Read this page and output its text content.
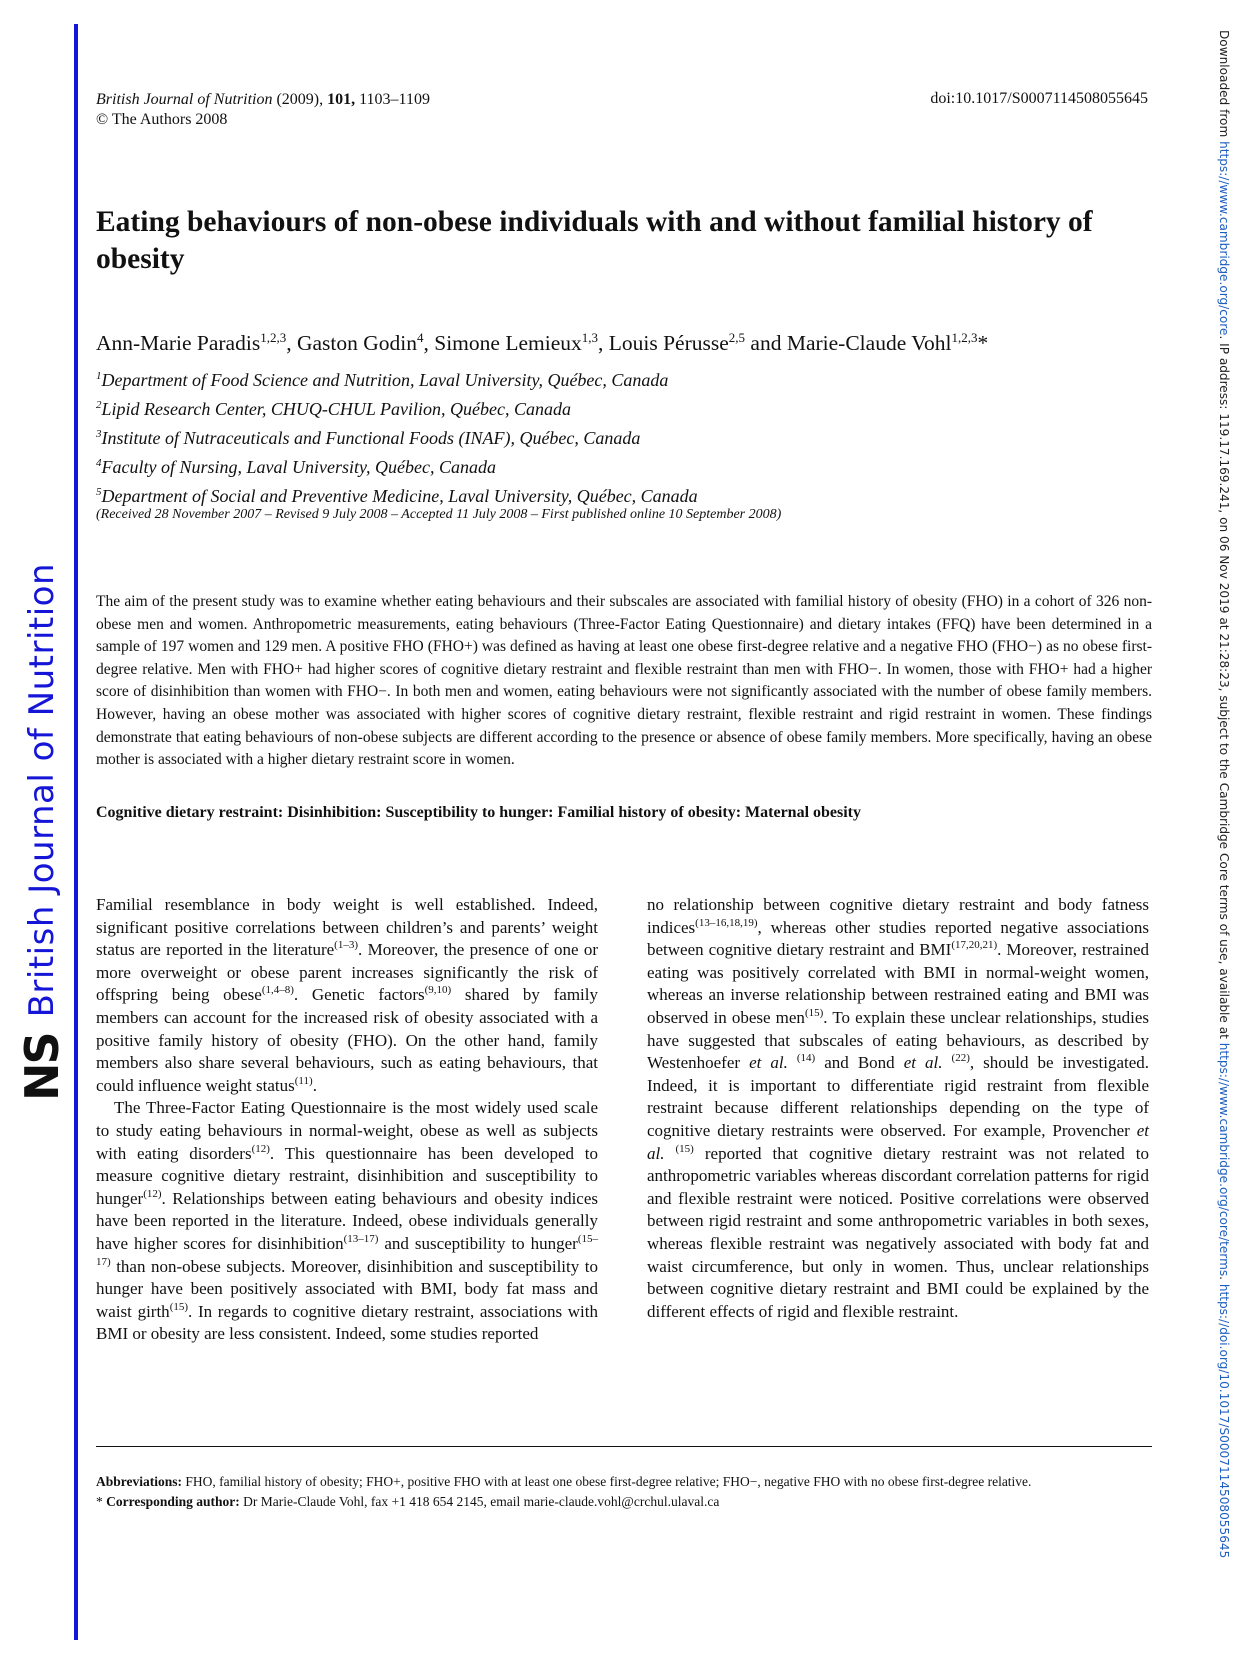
NS
British Journal of Nutrition
Downloaded from https://www.cambridge.org/core. IP address: 119.17.169.241, on 06 Nov 2019 at 21:28:23, subject to the Cambridge Core terms of use, available at https://www.cambridge.org/core/terms. https://doi.org/10.1017/S0007114508055645
British Journal of Nutrition (2009), 101, 1103–1109
© The Authors 2008
doi:10.1017/S0007114508055645
Eating behaviours of non-obese individuals with and without familial history of obesity
Ann-Marie Paradis$^{1,2,3}$, Gaston Godin$^4$, Simone Lemieux$^{1,3}$, Louis Pérusse$^{2,5}$ and Marie-Claude Vohl$^{1,2,3}$*
$^1$Department of Food Science and Nutrition, Laval University, Québec, Canada
$^2$Lipid Research Center, CHUQ-CHUL Pavilion, Québec, Canada
$^3$Institute of Nutraceuticals and Functional Foods (INAF), Québec, Canada
$^4$Faculty of Nursing, Laval University, Québec, Canada
$^5$Department of Social and Preventive Medicine, Laval University, Québec, Canada
(Received 28 November 2007 – Revised 9 July 2008 – Accepted 11 July 2008 – First published online 10 September 2008)

The aim of the present study was to examine whether eating behaviours and their subscales are associated with familial history of obesity (FHO) in a cohort of 326 non-obese men and women. Anthropometric measurements, eating behaviours (Three-Factor Eating Questionnaire) and dietary intakes (FFQ) have been determined in a sample of 197 women and 129 men. A positive FHO (FHO+) was defined as having at least one obese first-degree relative and a negative FHO (FHO−) as no obese first-degree relative. Men with FHO+ had higher scores of cognitive dietary restraint and flexible restraint than men with FHO−. In women, those with FHO+ had a higher score of disinhibition than women with FHO−. In both men and women, eating behaviours were not significantly associated with the number of obese family members. However, having an obese mother was associated with higher scores of cognitive dietary restraint, flexible restraint and rigid restraint in women. These findings demonstrate that eating behaviours of non-obese subjects are different according to the presence or absence of obese family members. More specifically, having an obese mother is associated with a higher dietary restraint score in women.

Cognitive dietary restraint: Disinhibition: Susceptibility to hunger: Familial history of obesity: Maternal obesity

Familial resemblance in body weight is well established. Indeed, significant positive correlations between children’s and parents’ weight status are reported in the literature$^{(1-3)}$. Moreover, the presence of one or more overweight or obese parent increases significantly the risk of offspring being obese$^{(1,4-8)}$. Genetic factors$^{(9,10)}$ shared by family members can account for the increased risk of obesity associated with a positive family history of obesity (FHO). On the other hand, family members also share several behaviours, such as eating behaviours, that could influence weight status$^{(11)}$.

The Three-Factor Eating Questionnaire is the most widely used scale to study eating behaviours in normal-weight, obese as well as subjects with eating disorders$^{(12)}$. This questionnaire has been developed to measure cognitive dietary restraint, disinhibition and susceptibility to hunger$^{(12)}$. Relationships between eating behaviours and obesity indices have been reported in the literature. Indeed, obese individuals generally have higher scores for disinhibition$^{(13-17)}$ and susceptibility to hunger$^{(15-17)}$ than non-obese subjects. Moreover, disinhibition and susceptibility to hunger have been positively associated with BMI, body fat mass and waist girth$^{(15)}$. In regards to cognitive dietary restraint, associations with BMI or obesity are less consistent. Indeed, some studies reported

no relationship between cognitive dietary restraint and body fatness indices$^{(13-16,18,19)}$, whereas other studies reported negative associations between cognitive dietary restraint and BMI$^{(17,20,21)}$. Moreover, restrained eating was positively correlated with BMI in normal-weight women, whereas an inverse relationship between restrained eating and BMI was observed in obese men$^{(15)}$. To explain these unclear relationships, studies have suggested that subscales of eating behaviours, as described by Westenhoefer et al. $^{(14)}$ and Bond et al. $^{(22)}$, should be investigated. Indeed, it is important to differentiate rigid restraint from flexible restraint because different relationships depending on the type of cognitive dietary restraints were observed. For example, Provencher et al. $^{(15)}$ reported that cognitive dietary restraint was not related to anthropometric variables whereas discordant correlation patterns for rigid and flexible restraint were noticed. Positive correlations were observed between rigid restraint and some anthropometric variables in both sexes, whereas flexible restraint was negatively associated with body fat and waist circumference, but only in women. Thus, unclear relationships between cognitive dietary restraint and BMI could be explained by the different effects of rigid and flexible restraint.

Abbreviations: FHO, familial history of obesity; FHO+, positive FHO with at least one obese first-degree relative; FHO−, negative FHO with no obese first-degree relative.

* Corresponding author: Dr Marie-Claude Vohl, fax +1 418 654 2145, email marie-claude.vohl@crchul.ulaval.ca
